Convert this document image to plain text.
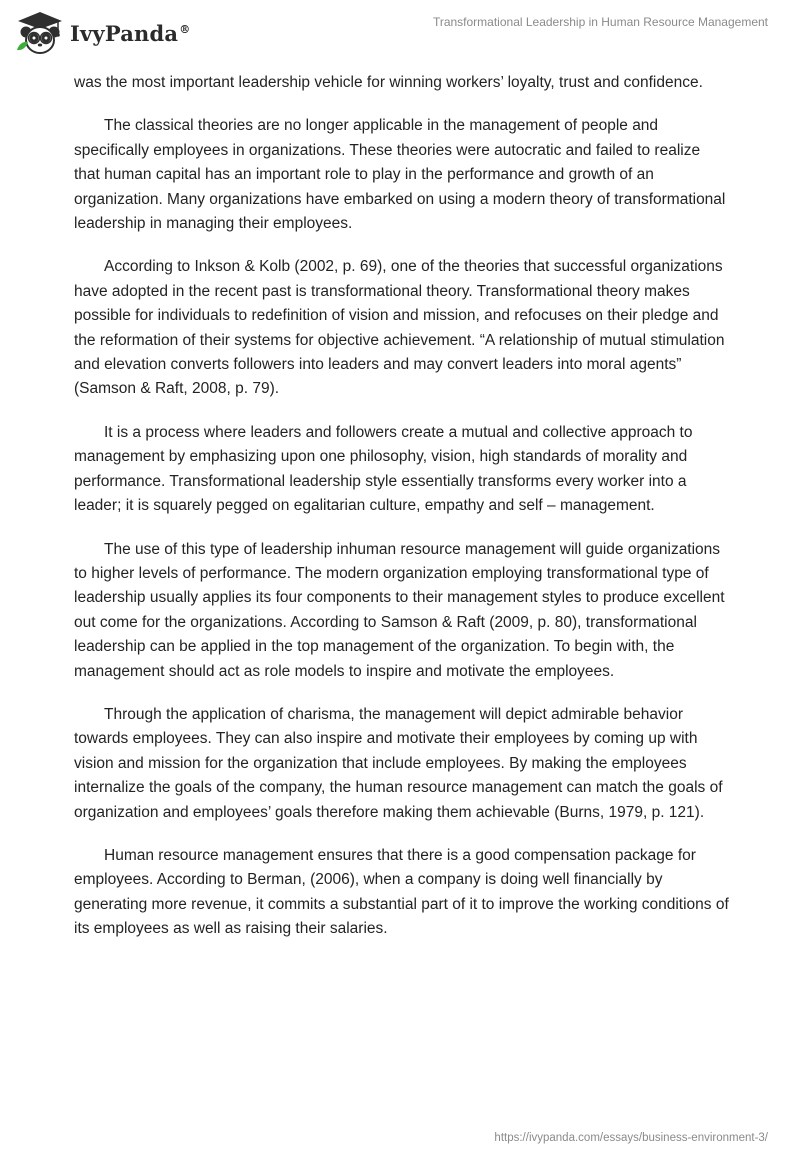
IvyPanda®	Transformational Leadership in Human Resource Management

was the most important leadership vehicle for winning workers’ loyalty, trust and confidence.

The classical theories are no longer applicable in the management of people and specifically employees in organizations. These theories were autocratic and failed to realize that human capital has an important role to play in the performance and growth of an organization. Many organizations have embarked on using a modern theory of transformational leadership in managing their employees.

According to Inkson & Kolb (2002, p. 69), one of the theories that successful organizations have adopted in the recent past is transformational theory. Transformational theory makes possible for individuals to redefinition of vision and mission, and refocuses on their pledge and the reformation of their systems for objective achievement. “A relationship of mutual stimulation and elevation converts followers into leaders and may convert leaders into moral agents” (Samson & Raft, 2008, p. 79).

It is a process where leaders and followers create a mutual and collective approach to management by emphasizing upon one philosophy, vision, high standards of morality and performance. Transformational leadership style essentially transforms every worker into a leader; it is squarely pegged on egalitarian culture, empathy and self – management.

The use of this type of leadership inhuman resource management will guide organizations to higher levels of performance. The modern organization employing transformational type of leadership usually applies its four components to their management styles to produce excellent out come for the organizations. According to Samson & Raft (2009, p. 80), transformational leadership can be applied in the top management of the organization. To begin with, the management should act as role models to inspire and motivate the employees.

Through the application of charisma, the management will depict admirable behavior towards employees. They can also inspire and motivate their employees by coming up with vision and mission for the organization that include employees. By making the employees internalize the goals of the company, the human resource management can match the goals of organization and employees’ goals therefore making them achievable (Burns, 1979, p. 121).

Human resource management ensures that there is a good compensation package for employees. According to Berman, (2006), when a company is doing well financially by generating more revenue, it commits a substantial part of it to improve the working conditions of its employees as well as raising their salaries.

https://ivypanda.com/essays/business-environment-3/
